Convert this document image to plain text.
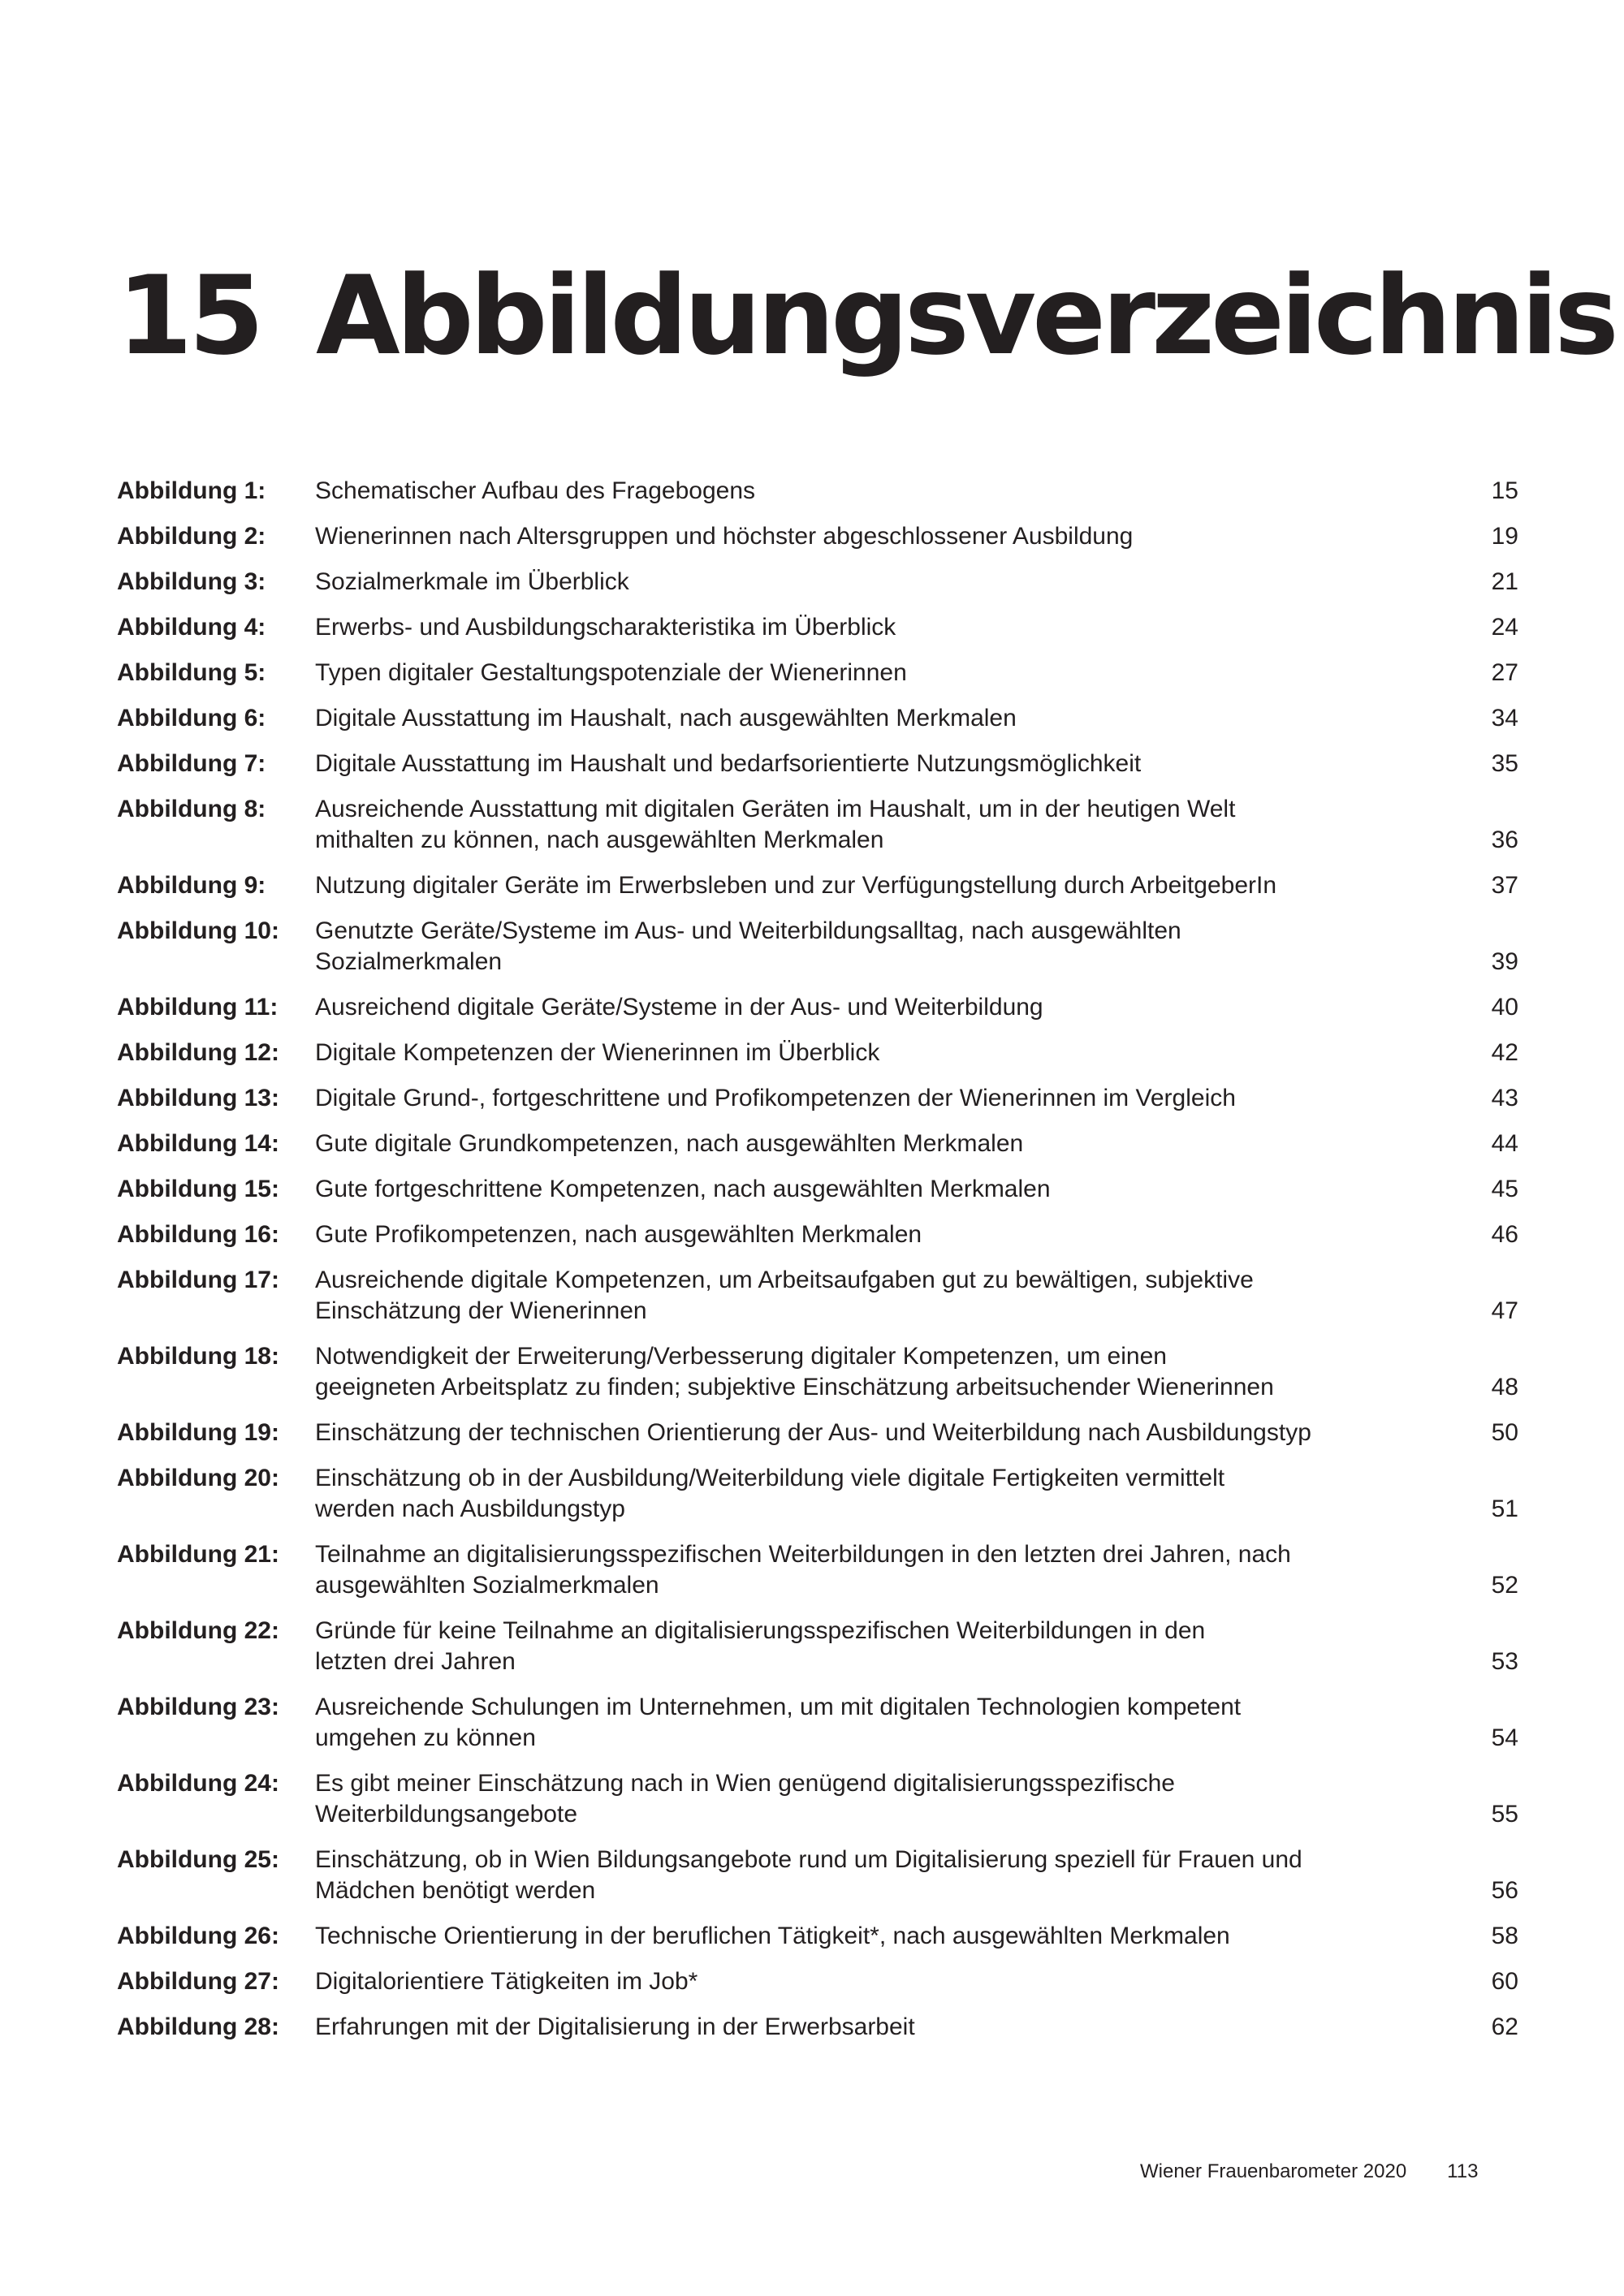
15 Abbildungsverzeichnis
Abbildung 1: Schematischer Aufbau des Fragebogens	15
Abbildung 2: Wienerinnen nach Altersgruppen und höchster abgeschlossener Ausbildung	19
Abbildung 3: Sozialmerkmale im Überblick	21
Abbildung 4: Erwerbs- und Ausbildungscharakteristika im Überblick	24
Abbildung 5: Typen digitaler Gestaltungspotenziale der Wienerinnen	27
Abbildung 6: Digitale Ausstattung im Haushalt, nach ausgewählten Merkmalen	34
Abbildung 7: Digitale Ausstattung im Haushalt und bedarfsorientierte Nutzungsmöglichkeit	35
Abbildung 8: Ausreichende Ausstattung mit digitalen Geräten im Haushalt, um in der heutigen Welt
mithalten zu können, nach ausgewählten Merkmalen	36
Abbildung 9: Nutzung digitaler Geräte im Erwerbsleben und zur Verfügungstellung durch ArbeitgeberIn	37
Abbildung 10: Genutzte Geräte/Systeme im Aus- und Weiterbildungsalltag, nach ausgewählten
Sozialmerkmalen	39
Abbildung 11: Ausreichend digitale Geräte/Systeme in der Aus- und Weiterbildung	40
Abbildung 12: Digitale Kompetenzen der Wienerinnen im Überblick	42
Abbildung 13: Digitale Grund-, fortgeschrittene und Profikompetenzen der Wienerinnen im Vergleich	43
Abbildung 14: Gute digitale Grundkompetenzen, nach ausgewählten Merkmalen	44
Abbildung 15: Gute fortgeschrittene Kompetenzen, nach ausgewählten Merkmalen	45
Abbildung 16: Gute Profikompetenzen, nach ausgewählten Merkmalen	46
Abbildung 17: Ausreichende digitale Kompetenzen, um Arbeitsaufgaben gut zu bewältigen, subjektive
Einschätzung der Wienerinnen	47
Abbildung 18: Notwendigkeit der Erweiterung/Verbesserung digitaler Kompetenzen, um einen
geeigneten Arbeitsplatz zu finden; subjektive Einschätzung arbeitsuchender Wienerinnen	48
Abbildung 19: Einschätzung der technischen Orientierung der Aus- und Weiterbildung nach Ausbildungstyp	50
Abbildung 20: Einschätzung ob in der Ausbildung/Weiterbildung viele digitale Fertigkeiten vermittelt
werden nach Ausbildungstyp	51
Abbildung 21: Teilnahme an digitalisierungsspezifischen Weiterbildungen in den letzten drei Jahren, nach
ausgewählten Sozialmerkmalen	52
Abbildung 22: Gründe für keine Teilnahme an digitalisierungsspezifischen Weiterbildungen in den
letzten drei Jahren	53
Abbildung 23: Ausreichende Schulungen im Unternehmen, um mit digitalen Technologien kompetent
umgehen zu können	54
Abbildung 24: Es gibt meiner Einschätzung nach in Wien genügend digitalisierungsspezifische
Weiterbildungsangebote	55
Abbildung 25: Einschätzung, ob in Wien Bildungsangebote rund um Digitalisierung speziell für Frauen und
Mädchen benötigt werden	56
Abbildung 26: Technische Orientierung in der beruflichen Tätigkeit*, nach ausgewählten Merkmalen	58
Abbildung 27: Digitalorientiere Tätigkeiten im Job*	60
Abbildung 28: Erfahrungen mit der Digitalisierung in der Erwerbsarbeit	62
Wiener Frauenbarometer 2020 113
